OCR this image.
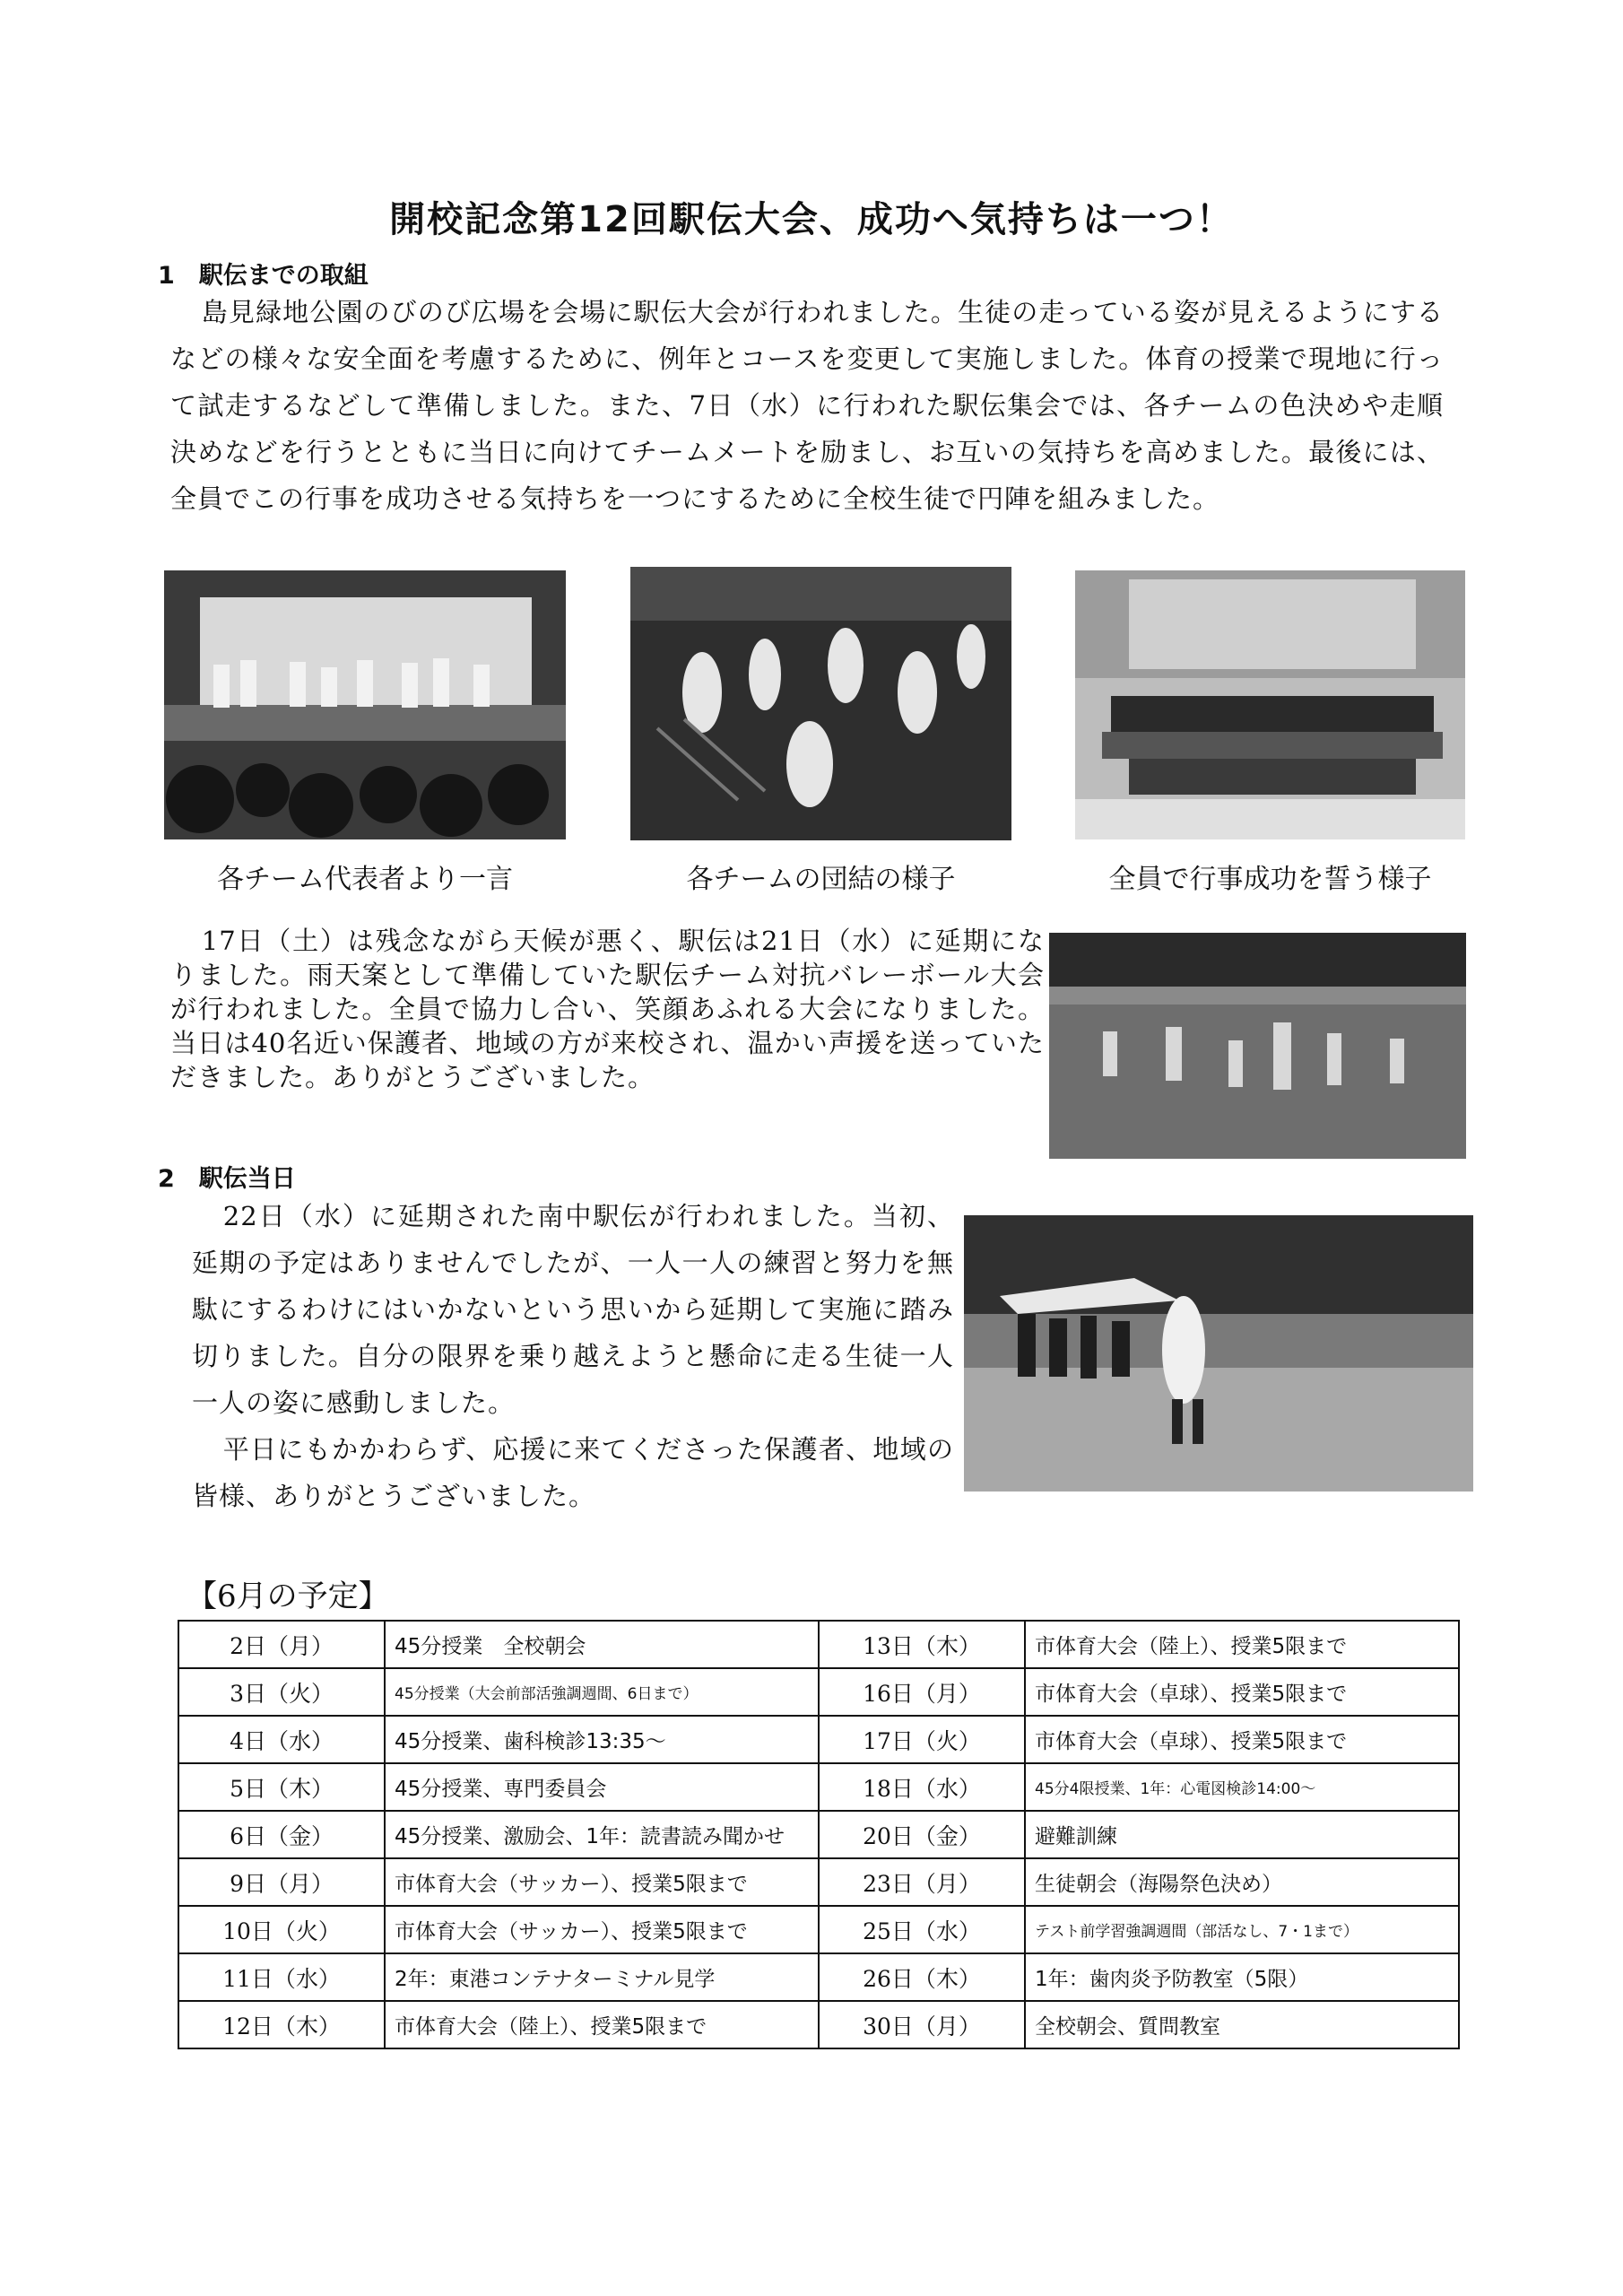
開校記念第12回駅伝大会、成功へ気持ちは一つ！
1　駅伝までの取組

島見緑地公園のびのび広場を会場に駅伝大会が行われました。生徒の走っている姿が見えるようにするなどの様々な安全面を考慮するために、例年とコースを変更して実施しました。体育の授業で現地に行って試走するなどして準備しました。また、7日（水）に行われた駅伝集会では、各チームの色決めや走順決めなどを行うとともに当日に向けてチームメートを励まし、お互いの気持ちを高めました。最後には、全員でこの行事を成功させる気持ちを一つにするために全校生徒で円陣を組みました。

各チーム代表者より一言	各チームの団結の様子	全員で行事成功を誓う様子

17日（土）は残念ながら天候が悪く、駅伝は21日（水）に延期になりました。雨天案として準備していた駅伝チーム対抗バレーボール大会が行われました。全員で協力し合い、笑顔あふれる大会になりました。当日は40名近い保護者、地域の方が来校され、温かい声援を送っていただきました。ありがとうございました。

2　駅伝当日

22日（水）に延期された南中駅伝が行われました。当初、延期の予定はありませんでしたが、一人一人の練習と努力を無駄にするわけにはいかないという思いから延期して実施に踏み切りました。自分の限界を乗り越えようと懸命に走る生徒一人一人の姿に感動しました。

平日にもかかわらず、応援に来てくださった保護者、地域の皆様、ありがとうございました。

【6月の予定】
2日（月）	45分授業　全校朝会	13日（木）	市体育大会（陸上）、授業5限まで
3日（火）	45分授業（大会前部活強調週間、6日まで）	16日（月）	市体育大会（卓球）、授業5限まで
4日（水）	45分授業、歯科検診13:35～	17日（火）	市体育大会（卓球）、授業5限まで
5日（木）	45分授業、専門委員会	18日（水）	45分4限授業、1年：心電図検診14:00～
6日（金）	45分授業、激励会、1年：読書読み聞かせ	20日（金）	避難訓練
9日（月）	市体育大会（サッカー）、授業5限まで	23日（月）	生徒朝会（海陽祭色決め）
10日（火）	市体育大会（サッカー）、授業5限まで	25日（水）	テスト前学習強調週間（部活なし、7・1まで）
11日（水）	2年：東港コンテナターミナル見学	26日（木）	1年：歯肉炎予防教室（5限）
12日（木）	市体育大会（陸上）、授業5限まで	30日（月）	全校朝会、質問教室
